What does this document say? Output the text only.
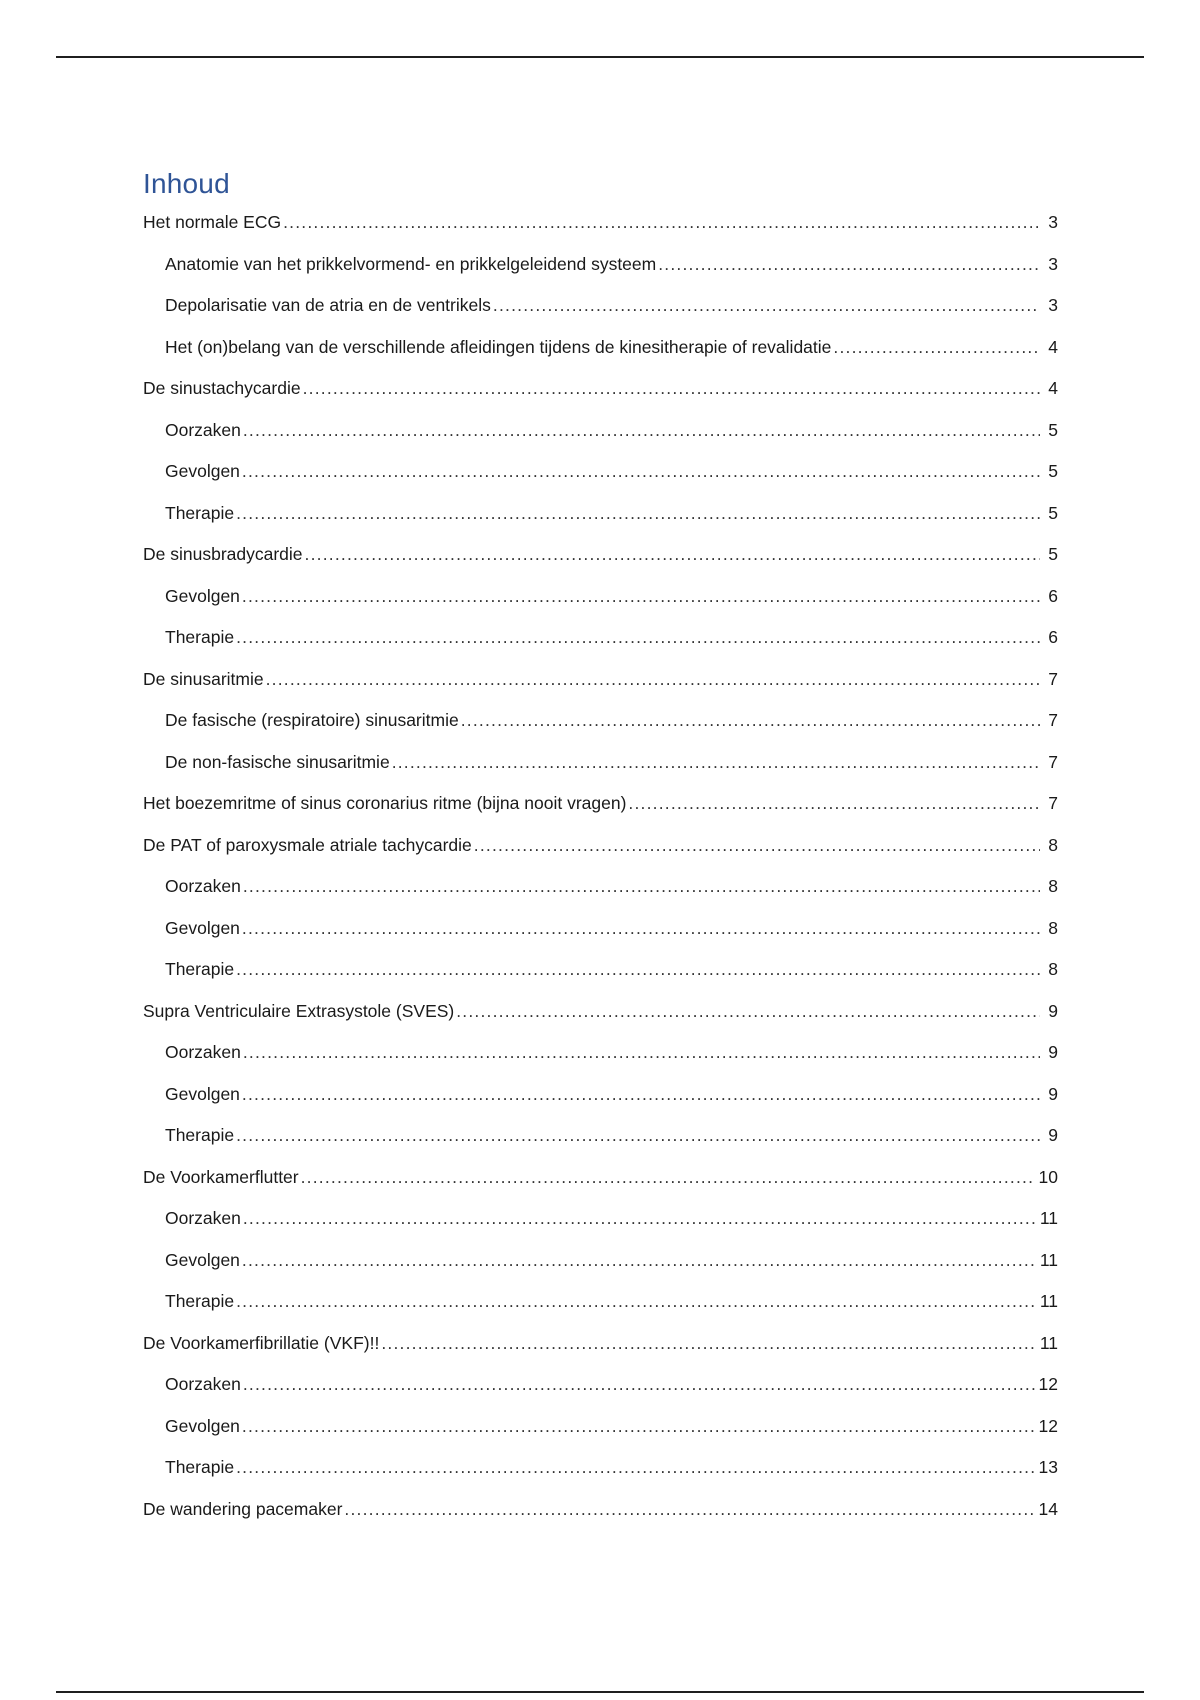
Inhoud
Het normale ECG .....	3
Anatomie van het prikkelvormend- en prikkelgeleidend systeem .....	3
Depolarisatie van de atria en de ventrikels .....	3
Het (on)belang van de verschillende afleidingen tijdens de kinesitherapie of revalidatie .....	4
De sinustachycardie .....	4
Oorzaken .....	5
Gevolgen .....	5
Therapie .....	5
De sinusbradycardie .....	5
Gevolgen .....	6
Therapie .....	6
De sinusaritmie .....	7
De fasische (respiratoire) sinusaritmie .....	7
De non-fasische sinusaritmie .....	7
Het boezemritme of sinus coronarius ritme (bijna nooit vragen) .....	7
De PAT of paroxysmale atriale tachycardie .....	8
Oorzaken .....	8
Gevolgen .....	8
Therapie .....	8
Supra Ventriculaire Extrasystole (SVES) .....	9
Oorzaken .....	9
Gevolgen .....	9
Therapie .....	9
De Voorkamerflutter .....	10
Oorzaken .....	11
Gevolgen .....	11
Therapie .....	11
De Voorkamerfibrillatie (VKF)!! .....	11
Oorzaken .....	12
Gevolgen .....	12
Therapie .....	13
De wandering pacemaker .....	14
